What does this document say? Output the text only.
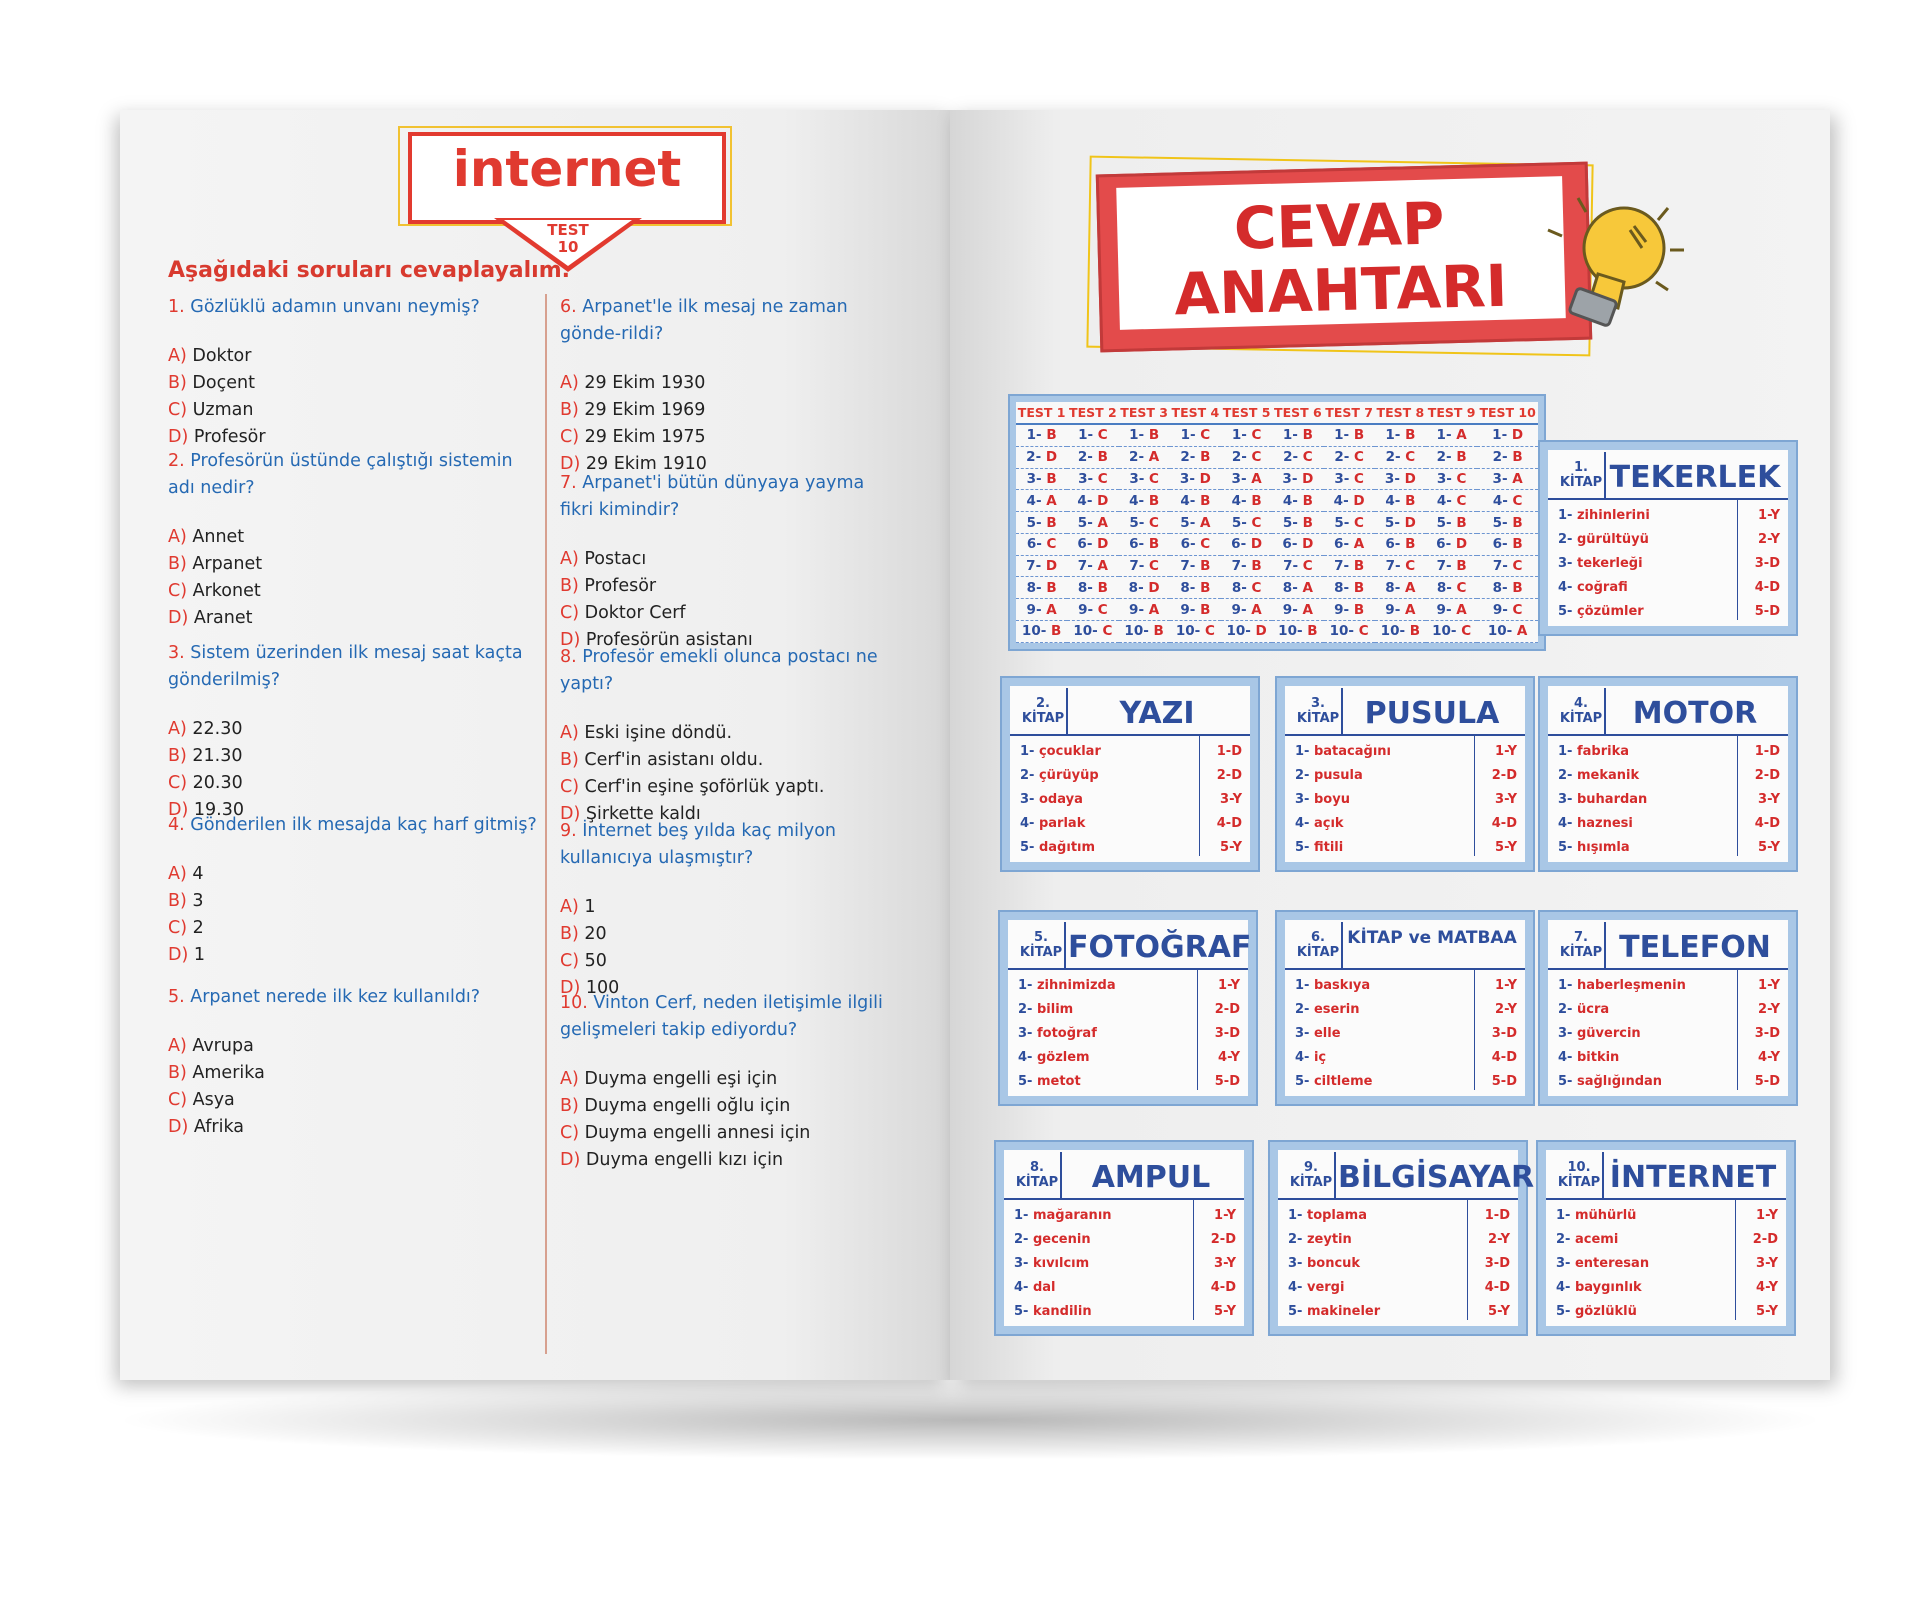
internet
TEST
10
Aşağıdaki soruları cevaplayalım.
1. Gözlüklü adamın unvanı neymiş?
A) Doktor
B) Doçent
C) Uzman
D) Profesör
2. Profesörün üstünde çalıştığı sistemin adı nedir?
A) Annet
B) Arpanet
C) Arkonet
D) Aranet
3. Sistem üzerinden ilk mesaj saat kaçta gönderilmiş?
A) 22.30
B) 21.30
C) 20.30
D) 19.30
4. Gönderilen ilk mesajda kaç harf gitmiş?
A) 4
B) 3
C) 2
D) 1
5. Arpanet nerede ilk kez kullanıldı?
A) Avrupa
B) Amerika
C) Asya
D) Afrika
6. Arpanet'le ilk mesaj ne zaman gönde-rildi?
A) 29 Ekim 1930
B) 29 Ekim 1969
C) 29 Ekim 1975
D) 29 Ekim 1910
7. Arpanet'i bütün dünyaya yayma fikri kimindir?
A) Postacı
B) Profesör
C) Doktor Cerf
D) Profesörün asistanı
8. Profesör emekli olunca postacı ne yaptı?
A) Eski işine döndü.
B) Cerf'in asistanı oldu.
C) Cerf'in eşine şoförlük yaptı.
D) Şirkette kaldı
9. İnternet beş yılda kaç milyon kullanıcıya ulaşmıştır?
A) 1
B) 20
C) 50
D) 100
10. Vinton Cerf, neden iletişimle ilgili gelişmeleri takip ediyordu?
A) Duyma engelli eşi için
B) Duyma engelli oğlu için
C) Duyma engelli annesi için
D) Duyma engelli kızı için
CEVAP
ANAHTARI
TEST 1	TEST 2	TEST 3	TEST 4	TEST 5	TEST 6	TEST 7	TEST 8	TEST 9	TEST 10
1- B	1- C	1- B	1- C	1- C	1- B	1- B	1- B	1- A	1- D
2- D	2- B	2- A	2- B	2- C	2- C	2- C	2- C	2- B	2- B
3- B	3- C	3- C	3- D	3- A	3- D	3- C	3- D	3- C	3- A
4- A	4- D	4- B	4- B	4- B	4- B	4- D	4- B	4- C	4- C
5- B	5- A	5- C	5- A	5- C	5- B	5- C	5- D	5- B	5- B
6- C	6- D	6- B	6- C	6- D	6- D	6- A	6- B	6- D	6- B
7- D	7- A	7- C	7- B	7- B	7- C	7- B	7- C	7- B	7- C
8- B	8- B	8- D	8- B	8- C	8- A	8- B	8- A	8- C	8- B
9- A	9- C	9- A	9- B	9- A	9- A	9- B	9- A	9- A	9- C
10- B	10- C	10- B	10- C	10- D	10- B	10- C	10- B	10- C	10- A
1.
KİTAP TEKERLEK
1- zihinlerini	1-Y
2- gürültüyü	2-Y
3- tekerleği	3-D
4- coğrafi	4-D
5- çözümler	5-D
2.
KİTAP	YAZI
1- çocuklar	1-D
2- çürüyüp	2-D
3- odaya	3-Y
4- parlak	4-D
5- dağıtım	5-Y
3.
KİTAP PUSULA
1- batacağını	1-Y
2- pusula	2-D
3- boyu	3-Y
4- açık	4-D
5- fitili	5-Y
4.
KİTAP	MOTOR
1- fabrika	1-D
2- mekanik	2-D
3- buhardan	3-Y
4- haznesi	4-D
5- hışımla	5-Y
5.
KİTAP FOTOĞRAF
1- zihnimizda	1-Y
2- bilim	2-D
3- fotoğraf	3-D
4- gözlem	4-Y
5- metot	5-D
6.
KİTAP
KİTAP ve MATBAA
1- baskıya	1-Y
2- eserin	2-Y
3- elle	3-D
4- iç	4-D
5- ciltleme	5-D
7.
KİTAP TELEFON
1- haberleşmenin	1-Y
2- ücra	2-Y
3- güvercin	3-D
4- bitkin	4-Y
5- sağlığından	5-D
8.
KİTAP	AMPUL
1- mağaranın	1-Y
2- gecenin	2-D
3- kıvılcım	3-Y
4- dal	4-D
5- kandilin	5-Y
9.
KİTAP BİLGİSAYAR
1- toplama	1-D
2- zeytin	2-Y
3- boncuk	3-D
4- vergi	4-D
5- makineler	5-Y
10.
KİTAP İNTERNET
1- mühürlü	1-Y
2- acemi	2-D
3- enteresan	3-Y
4- baygınlık	4-Y
5- gözlüklü	5-Y
